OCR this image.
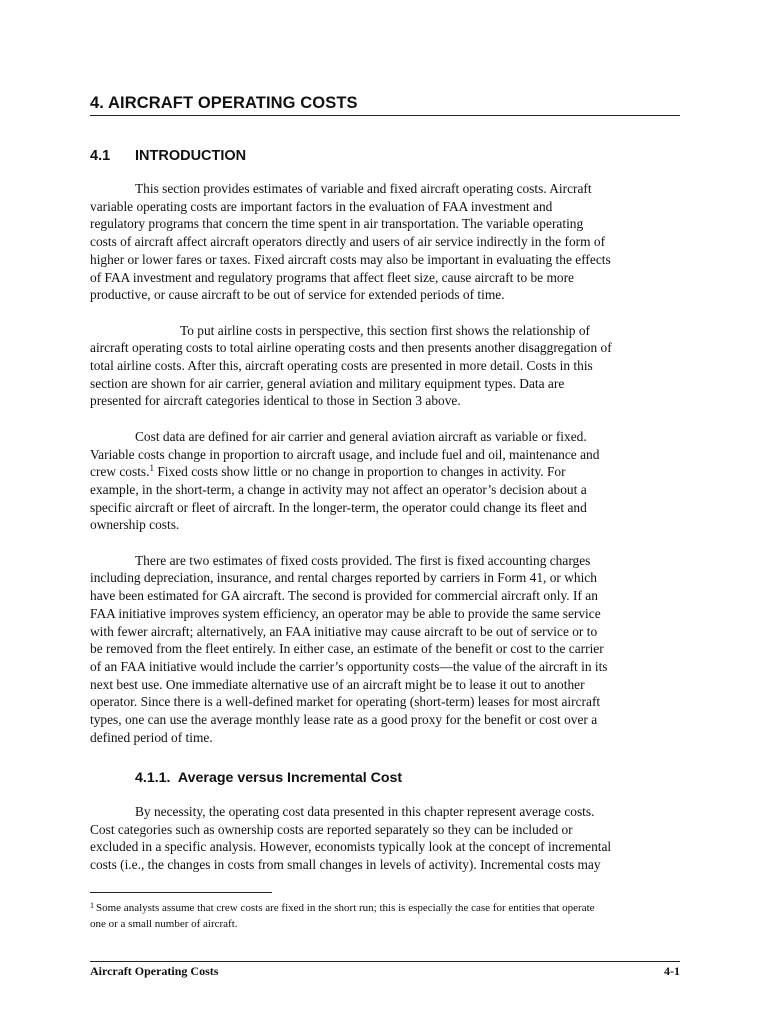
4. AIRCRAFT OPERATING COSTS
4.1 INTRODUCTION

This section provides estimates of variable and fixed aircraft operating costs. Aircraft
variable operating costs are important factors in the evaluation of FAA investment and
regulatory programs that concern the time spent in air transportation. The variable operating
costs of aircraft affect aircraft operators directly and users of air service indirectly in the form of
higher or lower fares or taxes. Fixed aircraft costs may also be important in evaluating the effects
of FAA investment and regulatory programs that affect fleet size, cause aircraft to be more
productive, or cause aircraft to be out of service for extended periods of time.

To put airline costs in perspective, this section first shows the relationship of
aircraft operating costs to total airline operating costs and then presents another disaggregation of
total airline costs. After this, aircraft operating costs are presented in more detail. Costs in this
section are shown for air carrier, general aviation and military equipment types. Data are
presented for aircraft categories identical to those in Section 3 above.

Cost data are defined for air carrier and general aviation aircraft as variable or fixed.
Variable costs change in proportion to aircraft usage, and include fuel and oil, maintenance and
crew costs.$^1$ Fixed costs show little or no change in proportion to changes in activity. For
example, in the short-term, a change in activity may not affect an operator’s decision about a
specific aircraft or fleet of aircraft. In the longer-term, the operator could change its fleet and
ownership costs.

There are two estimates of fixed costs provided. The first is fixed accounting charges
including depreciation, insurance, and rental charges reported by carriers in Form 41, or which
have been estimated for GA aircraft. The second is provided for commercial aircraft only. If an
FAA initiative improves system efficiency, an operator may be able to provide the same service
with fewer aircraft; alternatively, an FAA initiative may cause aircraft to be out of service or to
be removed from the fleet entirely. In either case, an estimate of the benefit or cost to the carrier
of an FAA initiative would include the carrier’s opportunity costs—the value of the aircraft in its
next best use. One immediate alternative use of an aircraft might be to lease it out to another
operator. Since there is a well-defined market for operating (short-term) leases for most aircraft
types, one can use the average monthly lease rate as a good proxy for the benefit or cost over a
defined period of time.

4.1.1. Average versus Incremental Cost

By necessity, the operating cost data presented in this chapter represent average costs.
Cost categories such as ownership costs are reported separately so they can be included or
excluded in a specific analysis. However, economists typically look at the concept of incremental
costs (i.e., the changes in costs from small changes in levels of activity). Incremental costs may

$^1$ Some analysts assume that crew costs are fixed in the short run; this is especially the case for entities that operate
one or a small number of aircraft.
Aircraft Operating Costs	4-1
